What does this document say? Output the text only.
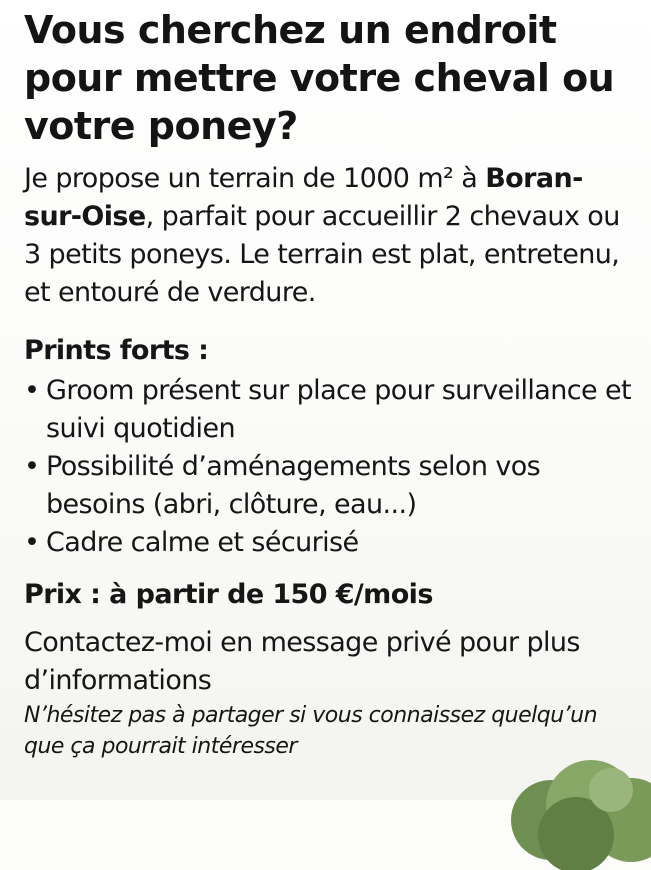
Vous cherchez un endroit pour mettre votre cheval ou votre poney?

Je propose un terrain de 1000 m² à Boran-sur-Oise, parfait pour accueillir 2 chevaux ou 3 petits poneys. Le terrain est plat, entretenu, et entouré de verdure.

Prints forts :
• Groom présent sur place pour surveillance et suivi quotidien
• Possibilité d’aménagements selon vos besoins (abri, clôture, eau...)
• Cadre calme et sécurisé

Prix : à partir de 150 €/mois

Contactez-moi en message privé pour plus d’informations

N’hésitez pas à partager si vous connaissez quelqu’un que ça pourrait intéresser
